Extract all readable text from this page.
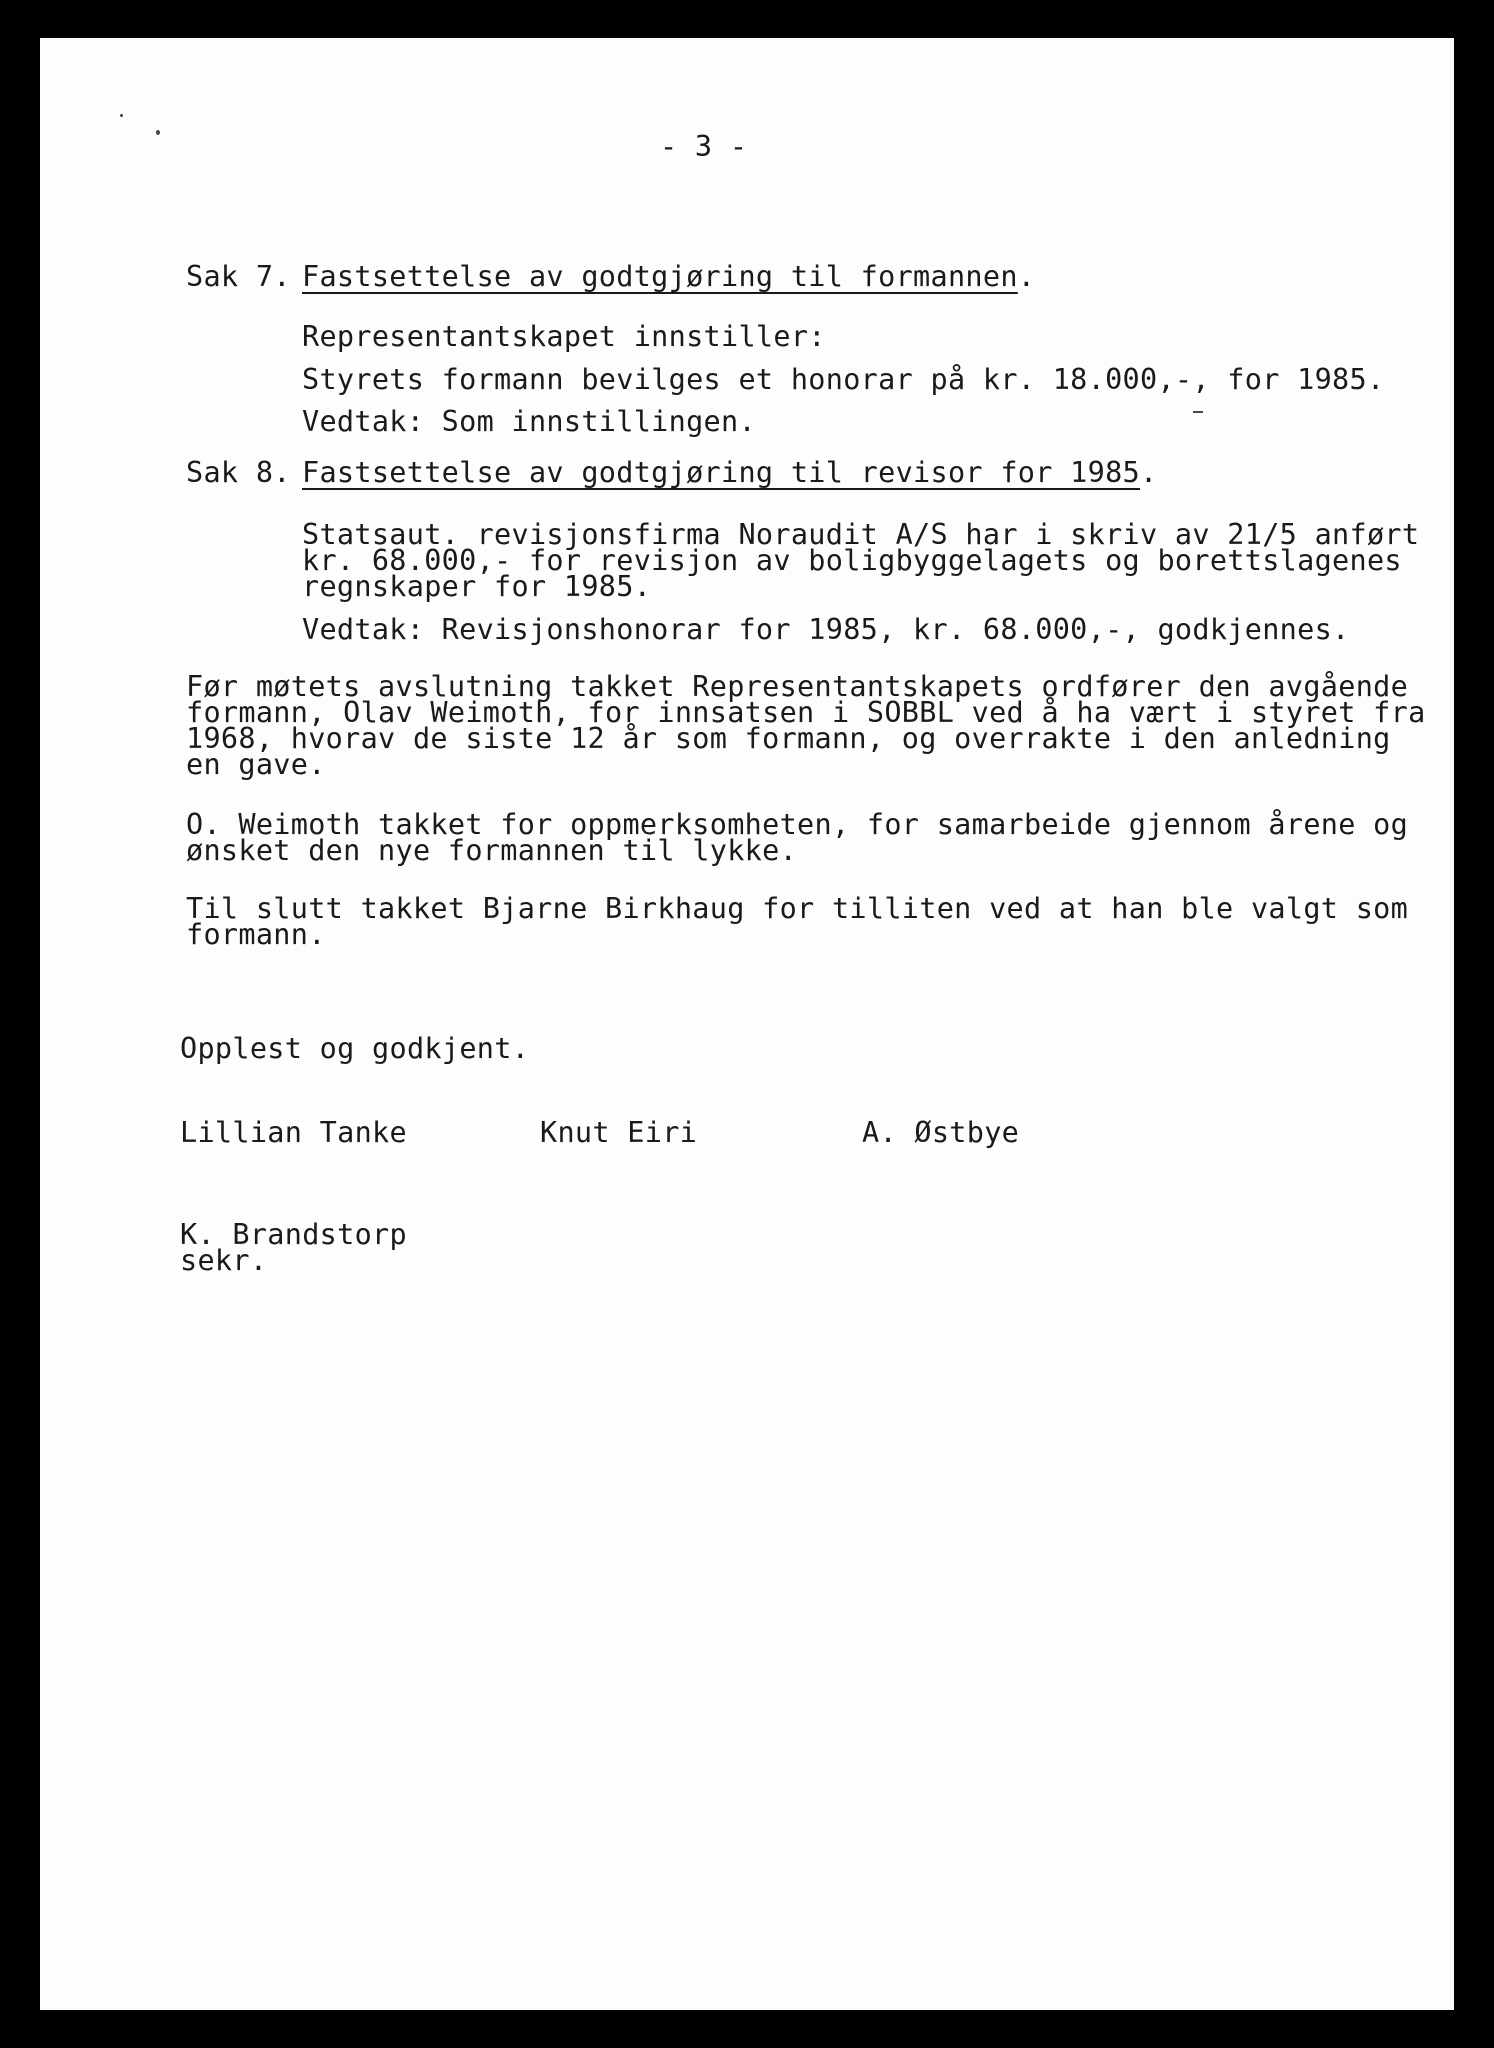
- 3 -

Sak 7. Fastsettelse av godtgjøring til formannen.

Representantskapet innstiller:

Styrets formann bevilges et honorar på kr. 18.000,-, for 1985.

Vedtak: Som innstillingen.

Sak 8. Fastsettelse av godtgjøring til revisor for 1985.

Statsaut. revisjonsfirma Noraudit A/S har i skriv av 21/5 anført
kr. 68.000,- for revisjon av boligbyggelagets og borettslagenes
regnskaper for 1985.

Vedtak: Revisjonshonorar for 1985, kr. 68.000,-, godkjennes.

Før møtets avslutning takket Representantskapets ordfører den avgående
formann, Olav Weimoth, for innsatsen i SOBBL ved å ha vært i styret fra
1968, hvorav de siste 12 år som formann, og overrakte i den anledning
en gave.
O. Weimoth takket for oppmerksomheten, for samarbeide gjennom årene og
ønsket den nye formannen til lykke.
Til slutt takket Bjarne Birkhaug for tilliten ved at han ble valgt som
formann.

Opplest og godkjent.

Lillian Tanke	Knut Eiri	A. Østbye

K. Brandstorp
sekr.
